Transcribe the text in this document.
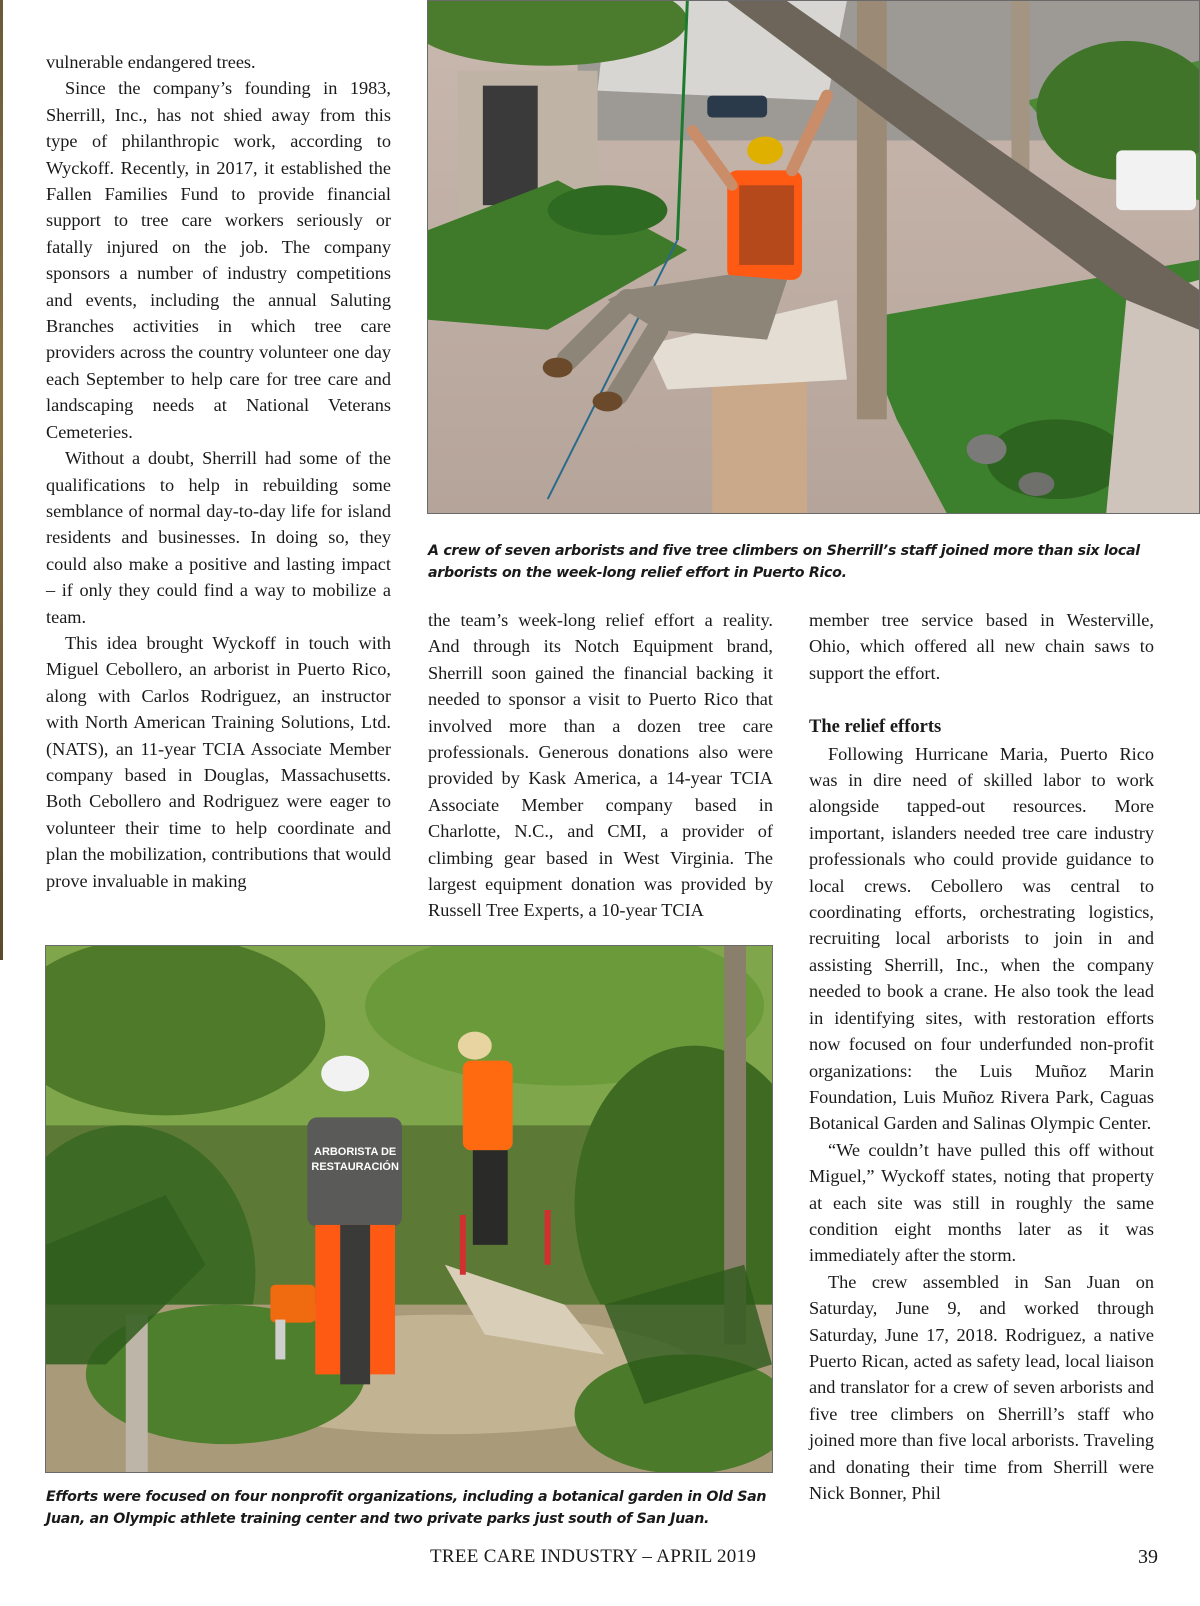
vulnerable endangered trees.

Since the company’s founding in 1983, Sherrill, Inc., has not shied away from this type of philanthropic work, according to Wyckoff. Recently, in 2017, it established the Fallen Families Fund to provide financial support to tree care workers seriously or fatally injured on the job. The company sponsors a number of industry competitions and events, including the annual Saluting Branches activities in which tree care providers across the country volunteer one day each September to help care for tree care and landscaping needs at National Veterans Cemeteries.

Without a doubt, Sherrill had some of the qualifications to help in rebuilding some semblance of normal day-to-day life for island residents and businesses. In doing so, they could also make a positive and lasting impact – if only they could find a way to mobilize a team.

This idea brought Wyckoff in touch with Miguel Cebollero, an arborist in Puerto Rico, along with Carlos Rodriguez, an instructor with North American Training Solutions, Ltd. (NATS), an 11-year TCIA Associate Member company based in Douglas, Massachusetts. Both Cebollero and Rodriguez were eager to volunteer their time to help coordinate and plan the mobilization, contributions that would prove invaluable in making

A crew of seven arborists and five tree climbers on Sherrill’s staff joined more than six local arborists on the week-long relief effort in Puerto Rico.

the team’s week-long relief effort a reality. And through its Notch Equipment brand, Sherrill soon gained the financial backing it needed to sponsor a visit to Puerto Rico that involved more than a dozen tree care professionals. Generous donations also were provided by Kask America, a 14-year TCIA Associate Member company based in Charlotte, N.C., and CMI, a provider of climbing gear based in West Virginia. The largest equipment donation was provided by Russell Tree Experts, a 10-year TCIA

member tree service based in Westerville, Ohio, which offered all new chain saws to support the effort.

The relief efforts

Following Hurricane Maria, Puerto Rico was in dire need of skilled labor to work alongside tapped-out resources. More important, islanders needed tree care industry professionals who could provide guidance to local crews. Cebollero was central to coordinating efforts, orchestrating logistics, recruiting local arborists to join in and assisting Sherrill, Inc., when the company needed to book a crane. He also took the lead in identifying sites, with restoration efforts now focused on four underfunded non-profit organizations: the Luis Muñoz Marin Foundation, Luis Muñoz Rivera Park, Caguas Botanical Garden and Salinas Olympic Center.

“We couldn’t have pulled this off without Miguel,” Wyckoff states, noting that property at each site was still in roughly the same condition eight months later as it was immediately after the storm.

The crew assembled in San Juan on Saturday, June 9, and worked through Saturday, June 17, 2018. Rodriguez, a native Puerto Rican, acted as safety lead, local liaison and translator for a crew of seven arborists and five tree climbers on Sherrill’s staff who joined more than five local arborists. Traveling and donating their time from Sherrill were Nick Bonner, Phil

ARBORISTA DE
RESTAURACIÓN
Efforts were focused on four nonprofit organizations, including a botanical garden in Old San Juan, an Olympic athlete training center and two private parks just south of San Juan.
TREE CARE INDUSTRY – APRIL 2019	39
